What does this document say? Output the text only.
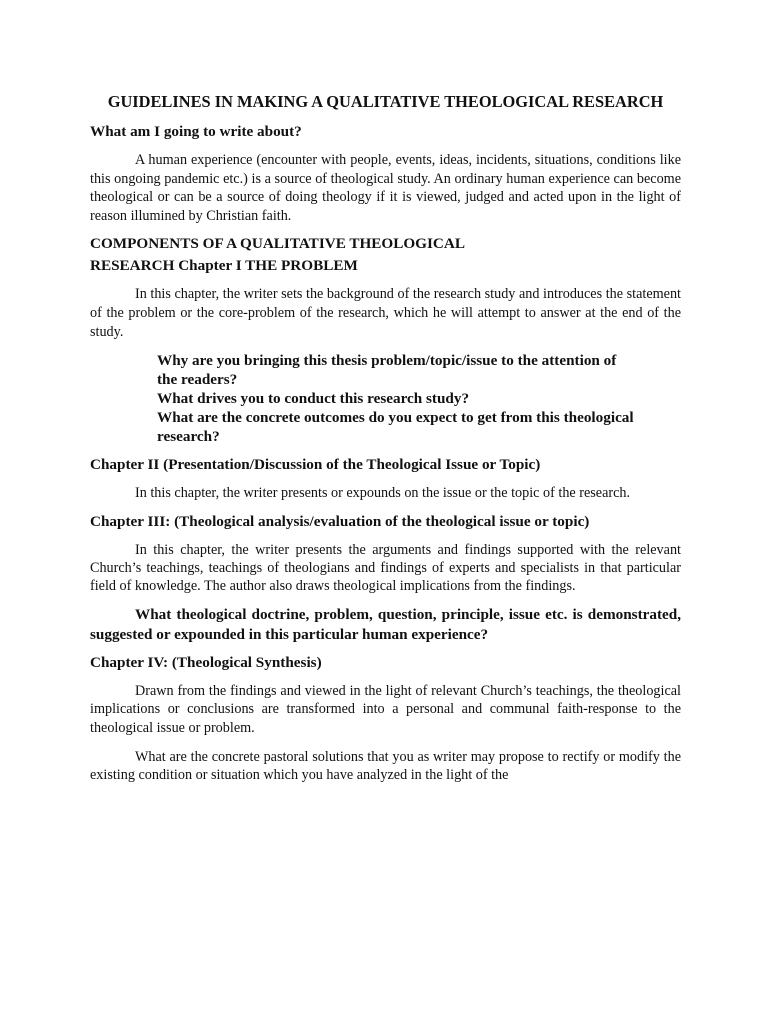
GUIDELINES IN MAKING A QUALITATIVE THEOLOGICAL RESEARCH
What am I going to write about?

A human experience (encounter with people, events, ideas, incidents, situations, conditions like this ongoing pandemic etc.) is a source of theological study. An ordinary human experience can become theological or can be a source of doing theology if it is viewed, judged and acted upon in the light of reason illumined by Christian faith.

COMPONENTS OF A QUALITATIVE THEOLOGICAL
RESEARCH Chapter I THE PROBLEM

In this chapter, the writer sets the background of the research study and introduces the statement of the problem or the core-problem of the research, which he will attempt to answer at the end of the study.

Why are you bringing this thesis problem/topic/issue to the attention of the readers?
What drives you to conduct this research study?
What are the concrete outcomes do you expect to get from this theological research?
Chapter II (Presentation/Discussion of the Theological Issue or Topic)

In this chapter, the writer presents or expounds on the issue or the topic of the research.

Chapter III: (Theological analysis/evaluation of the theological issue or topic)

In this chapter, the writer presents the arguments and findings supported with the relevant Church’s teachings, teachings of theologians and findings of experts and specialists in that particular field of knowledge. The author also draws theological implications from the findings.

What theological doctrine, problem, question, principle, issue etc. is demonstrated, suggested or expounded in this particular human experience?

Chapter IV: (Theological Synthesis)

Drawn from the findings and viewed in the light of relevant Church’s teachings, the theological implications or conclusions are transformed into a personal and communal faith-response to the theological issue or problem.

What are the concrete pastoral solutions that you as writer may propose to rectify or modify the existing condition or situation which you have analyzed in the light of the
